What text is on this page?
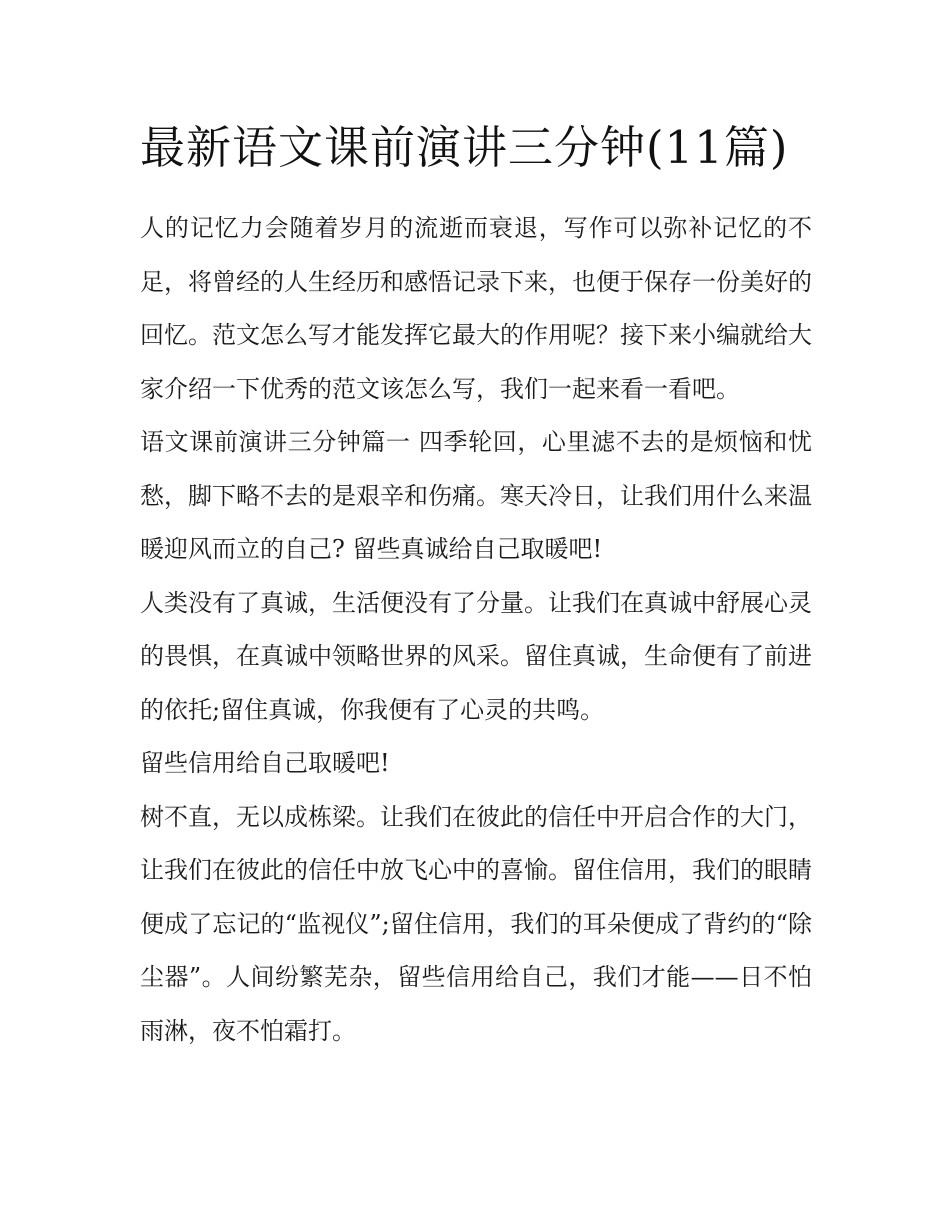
最新语文课前演讲三分钟(11篇)

人的记忆力会随着岁月的流逝而衰退，写作可以弥补记忆的不足，将曾经的人生经历和感悟记录下来，也便于保存一份美好的回忆。范文怎么写才能发挥它最大的作用呢？接下来小编就给大家介绍一下优秀的范文该怎么写，我们一起来看一看吧。

语文课前演讲三分钟篇一 四季轮回，心里滤不去的是烦恼和忧愁，脚下略不去的是艰辛和伤痛。寒天冷日，让我们用什么来温暖迎风而立的自己? 留些真诚给自己取暖吧!

人类没有了真诚，生活便没有了分量。让我们在真诚中舒展心灵的畏惧，在真诚中领略世界的风采。留住真诚，生命便有了前进的依托;留住真诚，你我便有了心灵的共鸣。

留些信用给自己取暖吧!

树不直，无以成栋梁。让我们在彼此的信任中开启合作的大门，让我们在彼此的信任中放飞心中的喜愉。留住信用，我们的眼睛便成了忘记的“监视仪”;留住信用，我们的耳朵便成了背约的“除尘器”。人间纷繁芜杂，留些信用给自己，我们才能——日不怕雨淋，夜不怕霜打。
